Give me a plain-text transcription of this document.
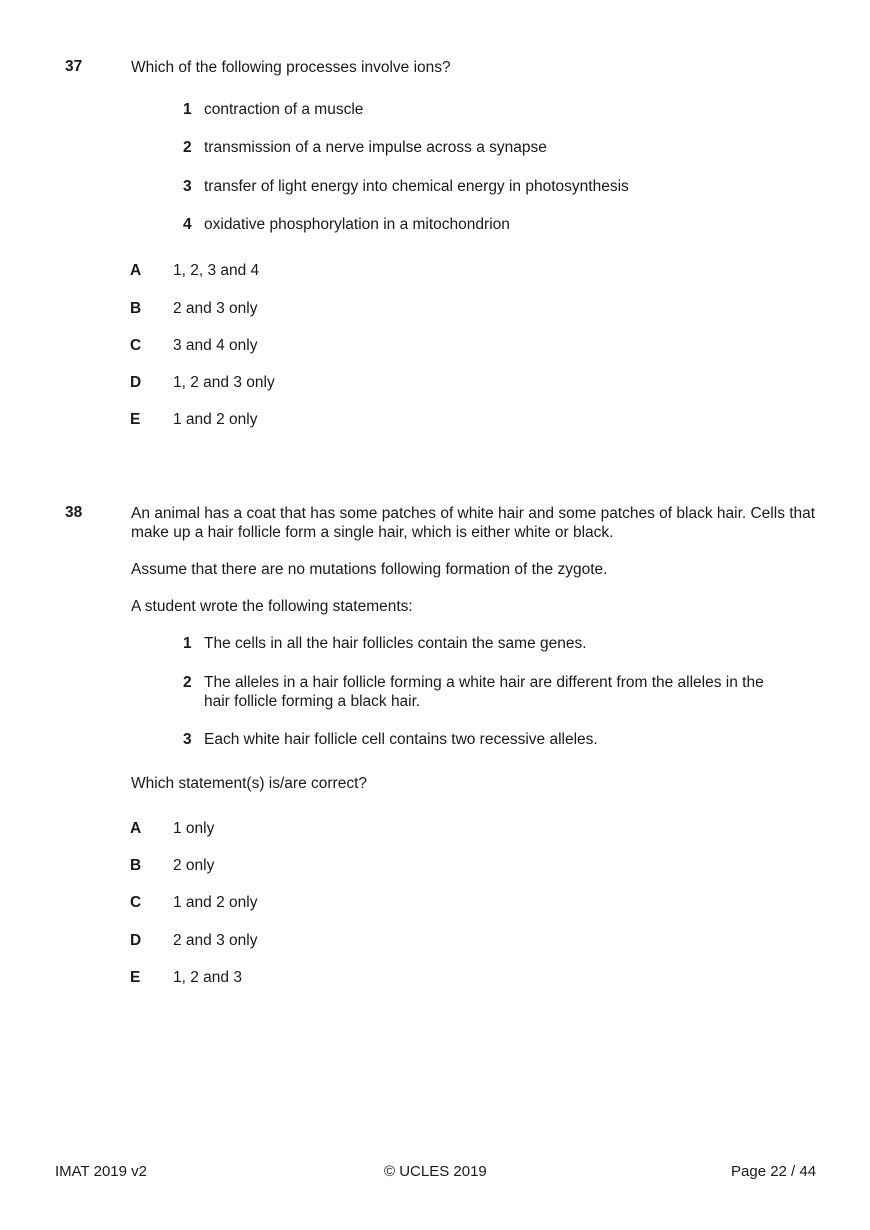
37	Which of the following processes involve ions?
1 contraction of a muscle
2 transmission of a nerve impulse across a synapse
3 transfer of light energy into chemical energy in photosynthesis
4 oxidative phosphorylation in a mitochondrion
A 1, 2, 3 and 4
B 2 and 3 only
C 3 and 4 only
D 1, 2 and 3 only
E 1 and 2 only
38	An animal has a coat that has some patches of white hair and some patches of black hair. Cells that make up a hair follicle form a single hair, which is either white or black.
Assume that there are no mutations following formation of the zygote.
A student wrote the following statements:
1 The cells in all the hair follicles contain the same genes.
2 The alleles in a hair follicle forming a white hair are different from the alleles in the hair follicle forming a black hair.
3 Each white hair follicle cell contains two recessive alleles.
Which statement(s) is/are correct?
A 1 only
B 2 only
C 1 and 2 only
D 2 and 3 only
E 1, 2 and 3
IMAT 2019 v2	© UCLES 2019	Page 22 / 44
